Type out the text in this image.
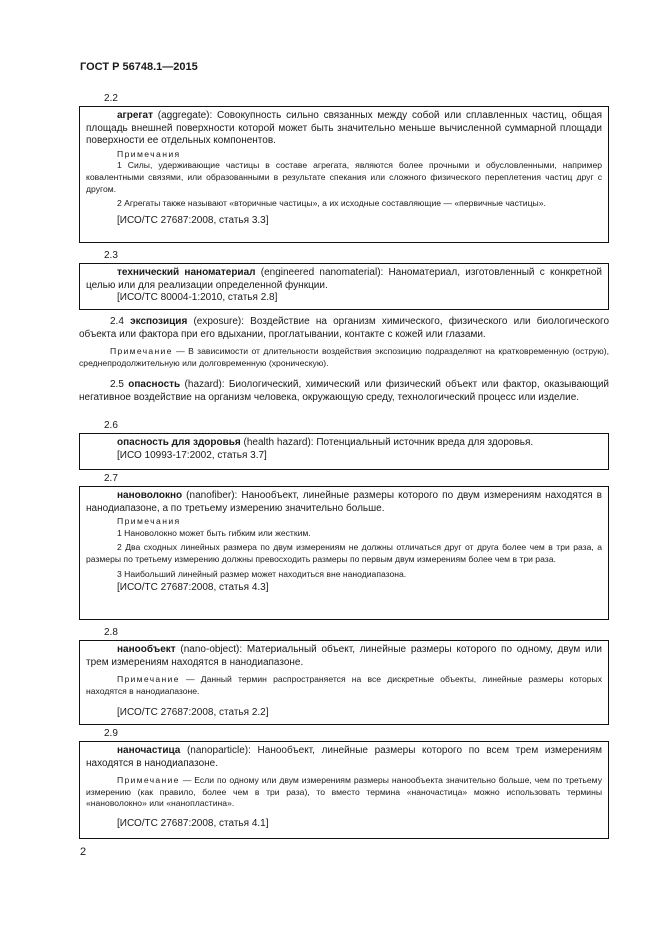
ГОСТ Р 56748.1—2015
2.2

агрегат (aggregate): Совокупность сильно связанных между собой или сплавленных частиц, общая площадь внешней поверхности которой может быть значительно меньше вычисленной суммарной площади поверхности ее отдельных компонентов.

Примечания

1 Силы, удерживающие частицы в составе агрегата, являются более прочными и обусловленными, например ковалентными связями, или образованными в результате спекания или сложного физического переплетения частиц друг с другом.

2 Агрегаты также называют «вторичные частицы», а их исходные составляющие — «первичные частицы».

[ИСО/ТС 27687:2008, статья 3.3]

2.3

технический наноматериал (engineered nanomaterial): Наноматериал, изготовленный с конкретной целью или для реализации определенной функции.

[ИСО/ТС 80004-1:2010, статья 2.8]

2.4 экспозиция (exposure): Воздействие на организм химического, физического или биологического объекта или фактора при его вдыхании, проглатывании, контакте с кожей или глазами.

Примечание — В зависимости от длительности воздействия экспозицию подразделяют на кратковременную (острую), среднепродолжительную или долговременную (хроническую).

2.5 опасность (hazard): Биологический, химический или физический объект или фактор, оказывающий негативное воздействие на организм человека, окружающую среду, технологический процесс или изделие.

2.6

опасность для здоровья (health hazard): Потенциальный источник вреда для здоровья.

[ИСО 10993-17:2002, статья 3.7]

2.7

нановолокно (nanofiber): Нанообъект, линейные размеры которого по двум измерениям находятся в нанодиапазоне, а по третьему измерению значительно больше.

Примечания

1 Нановолокно может быть гибким или жестким.

2 Два сходных линейных размера по двум измерениям не должны отличаться друг от друга более чем в три раза, а размеры по третьему измерению должны превосходить размеры по первым двум измерениям более чем в три раза.

3 Наибольший линейный размер может находиться вне нанодиапазона.

[ИСО/ТС 27687:2008, статья 4.3]

2.8

нанообъект (nano-object): Материальный объект, линейные размеры которого по одному, двум или трем измерениям находятся в нанодиапазоне.

Примечание — Данный термин распространяется на все дискретные объекты, линейные размеры которых находятся в нанодиапазоне.

[ИСО/ТС 27687:2008, статья 2.2]

2.9

наночастица (nanoparticle): Нанообъект, линейные размеры которого по всем трем измерениям находятся в нанодиапазоне.

Примечание — Если по одному или двум измерениям размеры нанообъекта значительно больше, чем по третьему измерению (как правило, более чем в три раза), то вместо термина «наночастица» можно использовать термины «нановолокно» или «нанопластина».

[ИСО/ТС 27687:2008, статья 4.1]

2
